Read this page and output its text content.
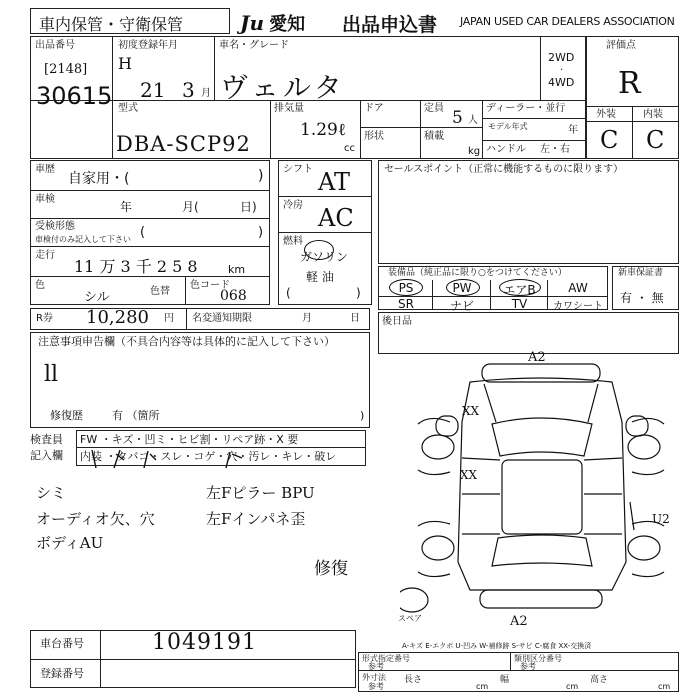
車内保管・守衛保管	Ju 愛知 出品申込書 JAPAN USED CAR DEALERS ASSOCIATION
出品番号
[2148]
30615
初度登録年月
H
21 3 月
車名・グレード
ヴェルタ
2WD
·
4WD
評価点
R
外装	内装
C C
型式
DBA-SCP92
排気量
1.29ℓ
cc
ドア
形状
定員 5 人
積載
kg
ディーラー・並行
モデル年式	年
ハンドル 左・右
車歴
自家用・(	)
車検
年	月(	日)
受検形態
車検付のみ記入して下さい (	)
走行
11 万 3 千 2 5 8	km
色
シル	色替
色コード
068
シフト AT
冷房 AC
燃料
ガソリン
軽 油
(	)
セールスポイント（正常に機能するものに限ります）
装備品（純正品に限り○をつけてください）
PS	PW	エアB	AW
SR	ナビ	TV	カワシート
新車保証書
有 ・ 無
R券 10,280 円 名変通知期限	月	日
注意事項申告欄（不具合内容等は具体的に記入して下さい）
ll
修復歴	有 （箇所	)
後日品
検査員
記入欄
FW ・キズ・凹ミ・ヒビ割・リペア跡・X 要
内装 ・タバコ・スレ・コゲ・穴・汚レ・キレ・破レ
シミ
オーディオ欠、穴
ボディAU
左Fピラー BPU
左Fインパネ歪
修復
A2
A2
XX
XX
U2
スペア
A-キズ E-エクボ U-凹み W-補修跡 S-サビ C-腐食 XX-交換済
車台番号	1049191
登録番号
形式指定番号
参考
類別区分番号
参考
外寸法
参考
長さ
cm
幅
cm
高さ
cm
